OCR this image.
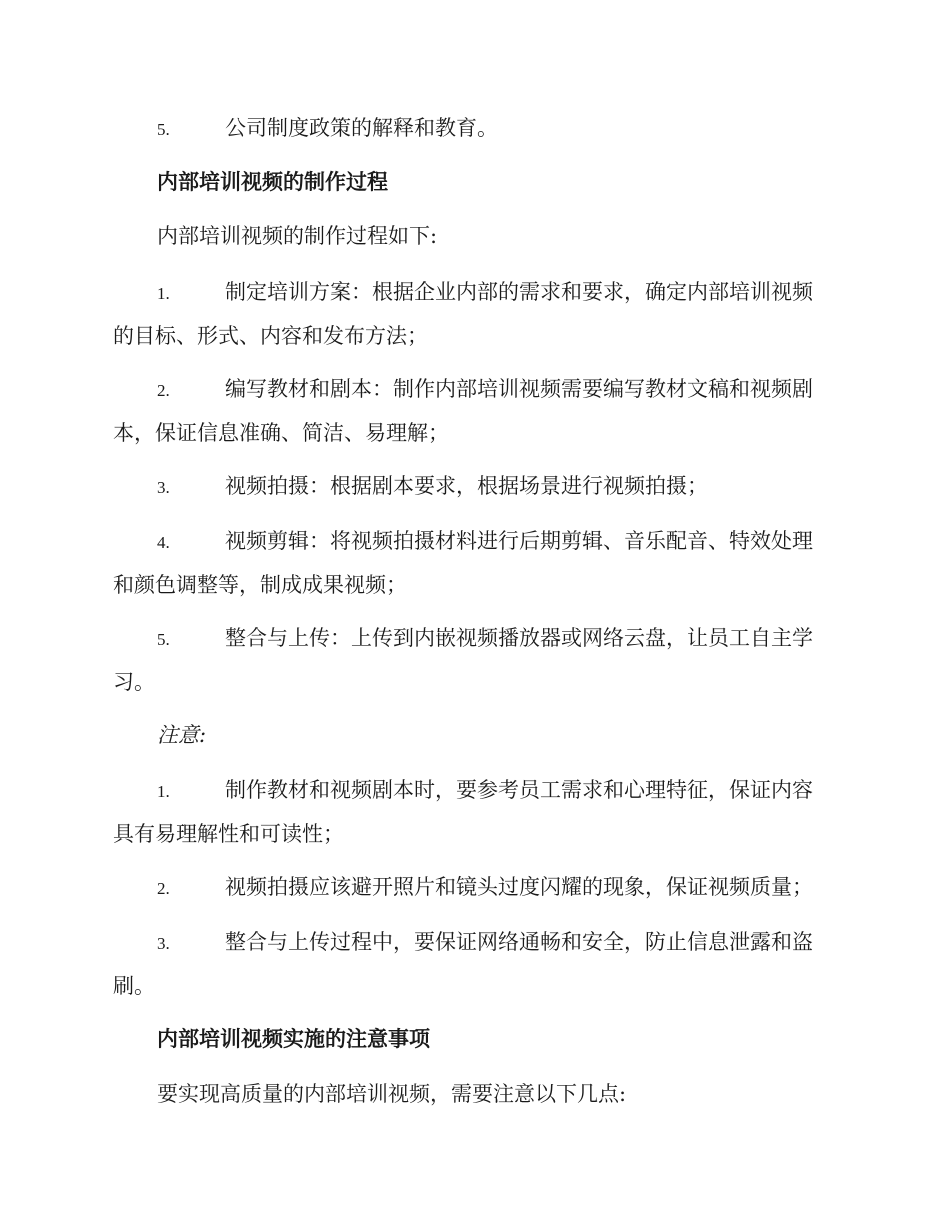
5.	公司制度政策的解释和教育。
内部培训视频的制作过程
内部培训视频的制作过程如下:
1.	制定培训方案：根据企业内部的需求和要求，确定内部培训视频
的目标、形式、内容和发布方法；
2.	编写教材和剧本：制作内部培训视频需要编写教材文稿和视频剧
本，保证信息准确、简洁、易理解；
3.	视频拍摄：根据剧本要求，根据场景进行视频拍摄；
4.	视频剪辑：将视频拍摄材料进行后期剪辑、音乐配音、特效处理
和颜色调整等，制成成果视频；
5.	整合与上传：上传到内嵌视频播放器或网络云盘，让员工自主学
习。
注意:
1.	制作教材和视频剧本时，要参考员工需求和心理特征，保证内容
具有易理解性和可读性；
2.	视频拍摄应该避开照片和镜头过度闪耀的现象，保证视频质量；
3.	整合与上传过程中，要保证网络通畅和安全，防止信息泄露和盗
刷。
内部培训视频实施的注意事项
要实现高质量的内部培训视频，需要注意以下几点:
